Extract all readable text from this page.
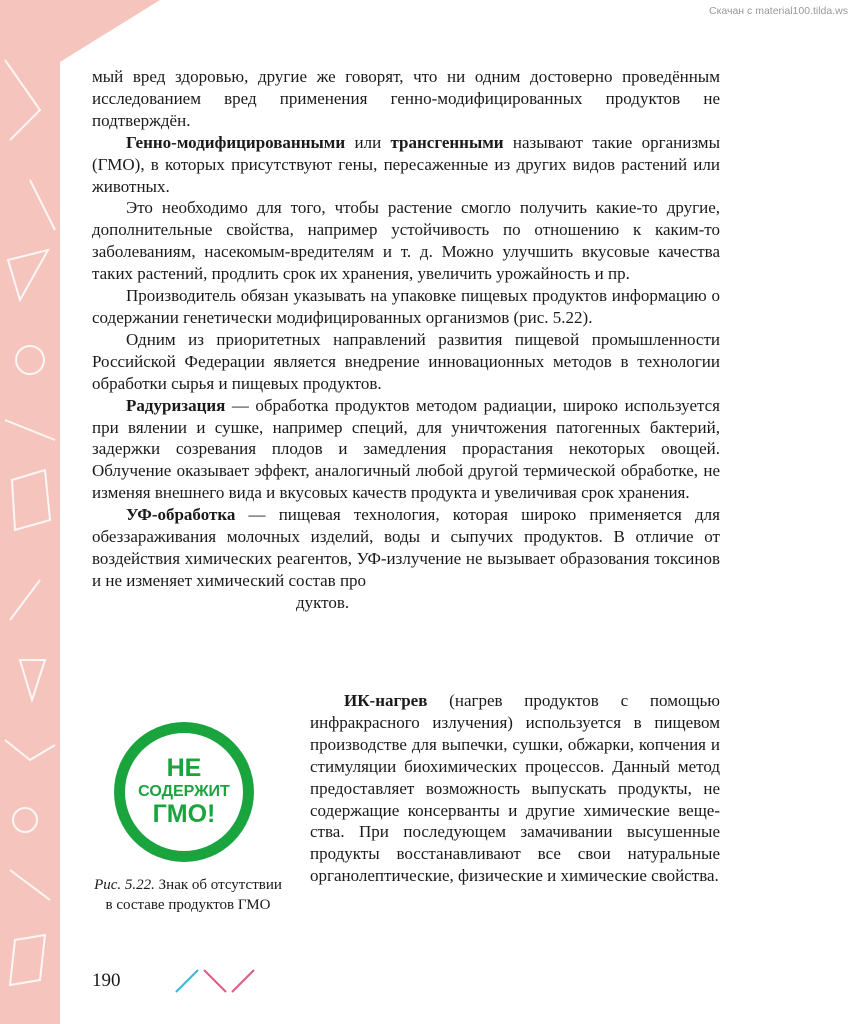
Скачан с material100.tilda.ws

мый вред здоровью, другие же говорят, что ни одним достоверно проведённым исследованием вред применения генно-модифицированных продуктов не подтверждён.

Генно-модифицированными или трансгенными называют такие организмы (ГМО), в которых присутствуют гены, пересаженные из других видов растений или животных.

Это необходимо для того, чтобы растение смогло получить какие-то другие, дополнительные свойства, например устойчивость по отношению к каким-то заболеваниям, насекомым-вредителям и т. д. Можно улучшить вкусовые качества таких растений, продлить срок их хранения, увеличить урожайность и пр.

Производитель обязан указывать на упаковке пищевых продуктов информацию о содержании генетически модифицированных организмов (рис. 5.22).

Одним из приоритетных направлений развития пищевой промышленности Российской Федерации является внедрение инновационных методов в технологии обработки сырья и пищевых продуктов.

Радуризация — обработка продуктов методом радиации, широко используется при вялении и сушке, например специй, для уничтожения патогенных бактерий, задержки созревания плодов и замедления прорастания некоторых овощей. Облучение оказывает эффект, аналогичный любой другой термической обработке, не изменяя внешнего вида и вкусовых качеств продукта и увеличивая срок хранения.

УФ-обработка — пищевая технология, которая широко применяется для обеззараживания молочных изделий, воды и сыпучих продуктов. В отличие от воздействия химических реагентов, УФ-излучение не вызывает образования токсинов и не изменяет химический состав про

дуктов.

НЕ
СОДЕРЖИТ
ГМО!
Рис. 5.22. Знак об отсутствии в составе продуктов ГМО

ИК-нагрев (нагрев продуктов с помощью инфракрасного излучения) используется в пищевом производстве для выпечки, сушки, обжарки, копчения и стимуляции биохимических процессов. Данный метод предоставляет возможность выпускать продукты, не содержащие консерванты и другие химические вещества. При последующем замачивании высушенные продукты восстанавливают все свои натуральные органолептические, физические и химические свойства.

190
